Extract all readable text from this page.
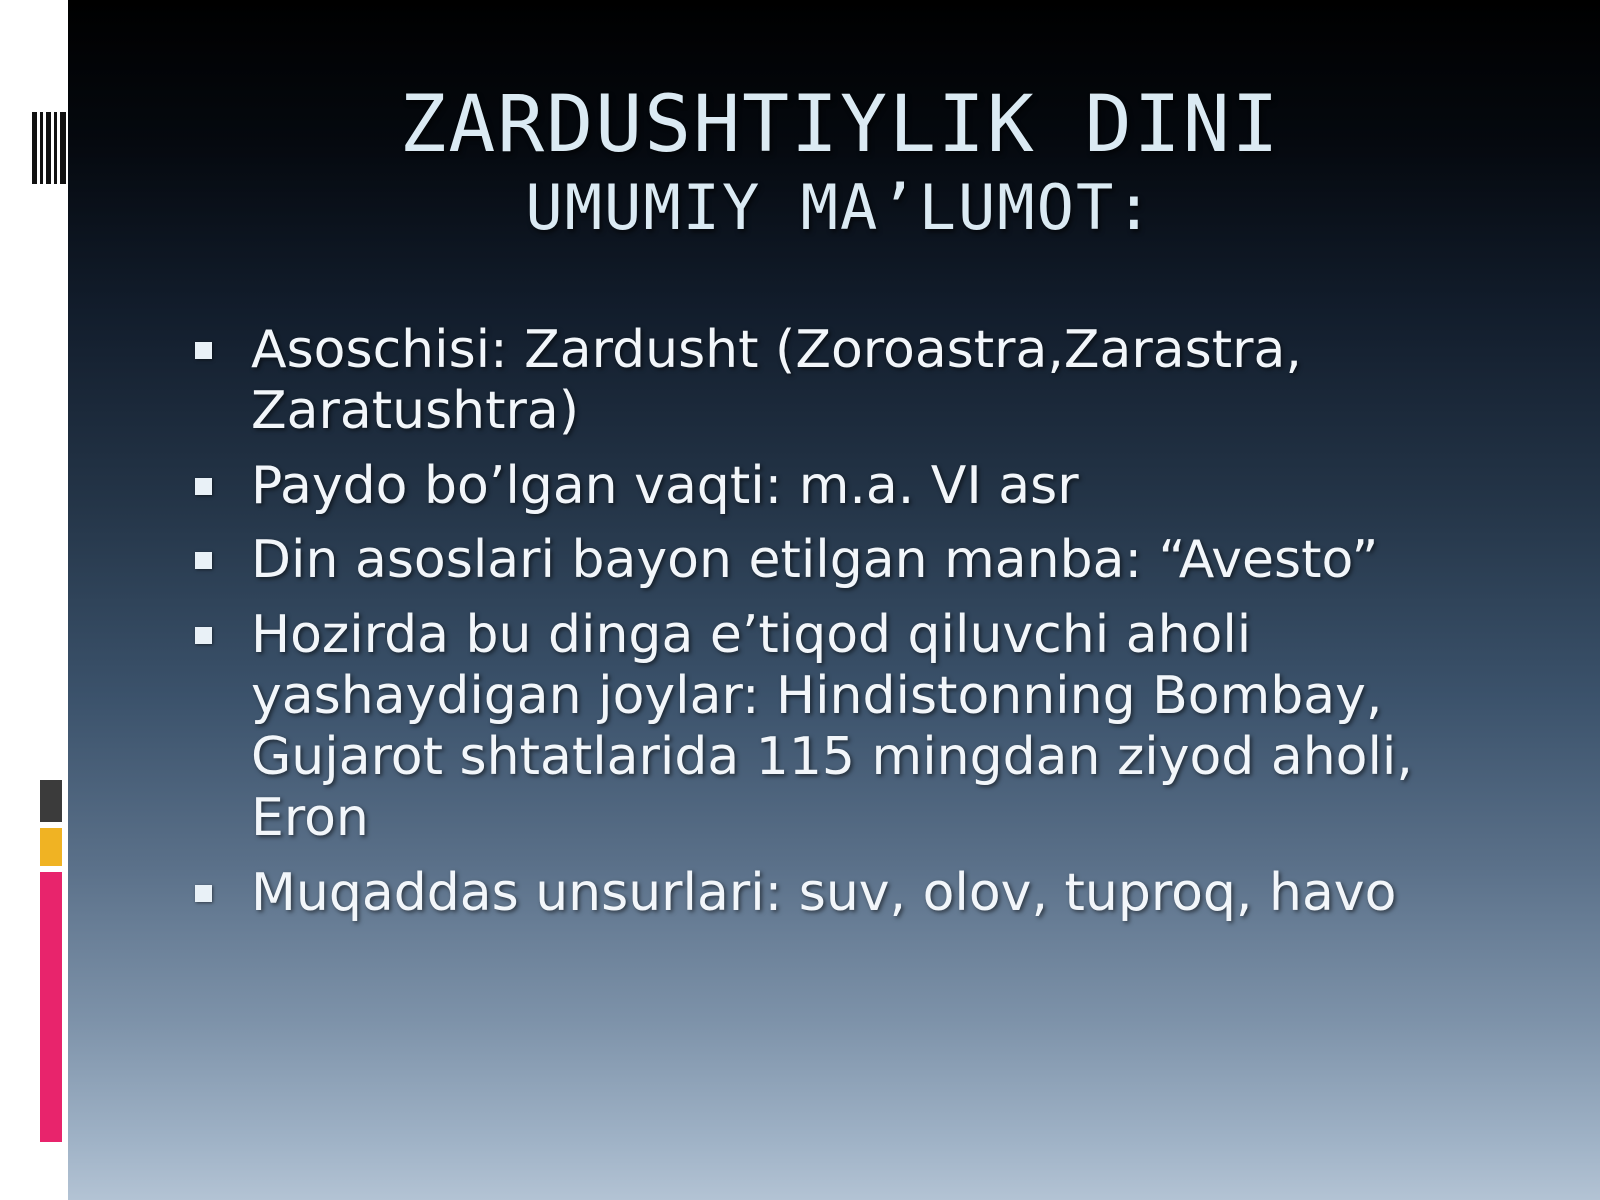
ZARDUSHTIYLIK DINI
UMUMIY MA’LUMOT:
Asoschisi: Zardusht (Zoroastra,Zarastra, Zaratushtra)
Paydo bo’lgan vaqti: m.a. VI asr
Din asoslari bayon etilgan manba: “Avesto”
Hozirda bu dinga e’tiqod qiluvchi aholi yashaydigan joylar: Hindistonning Bombay, Gujarot shtatlarida 115 mingdan ziyod aholi, Eron
Muqaddas unsurlari: suv, olov, tuproq, havo
